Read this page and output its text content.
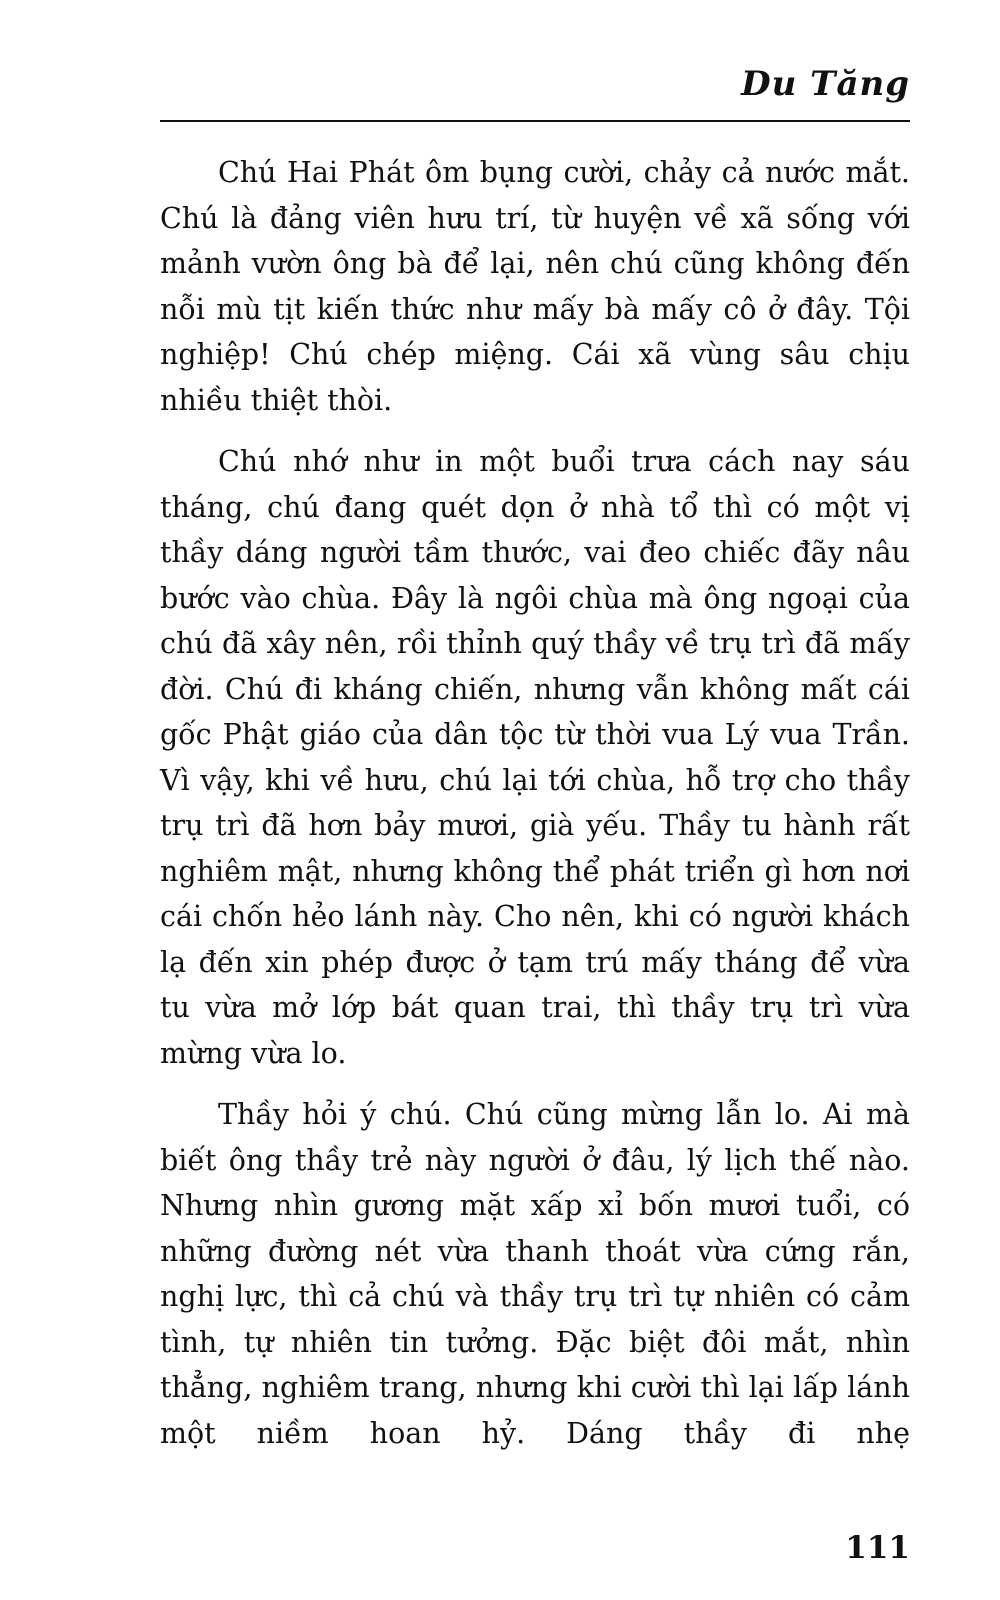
Du Tăng

Chú Hai Phát ôm bụng cười, chảy cả nước mắt. Chú là đảng viên hưu trí, từ huyện về xã sống với mảnh vườn ông bà để lại, nên chú cũng không đến nỗi mù tịt kiến thức như mấy bà mấy cô ở đây. Tội nghiệp! Chú chép miệng. Cái xã vùng sâu chịu nhiều thiệt thòi.

Chú nhớ như in một buổi trưa cách nay sáu tháng, chú đang quét dọn ở nhà tổ thì có một vị thầy dáng người tầm thước, vai đeo chiếc đãy nâu bước vào chùa. Đây là ngôi chùa mà ông ngoại của chú đã xây nên, rồi thỉnh quý thầy về trụ trì đã mấy đời. Chú đi kháng chiến, nhưng vẫn không mất cái gốc Phật giáo của dân tộc từ thời vua Lý vua Trần. Vì vậy, khi về hưu, chú lại tới chùa, hỗ trợ cho thầy trụ trì đã hơn bảy mươi, già yếu. Thầy tu hành rất nghiêm mật, nhưng không thể phát triển gì hơn nơi cái chốn hẻo lánh này. Cho nên, khi có người khách lạ đến xin phép được ở tạm trú mấy tháng để vừa tu vừa mở lớp bát quan trai, thì thầy trụ trì vừa mừng vừa lo.

Thầy hỏi ý chú. Chú cũng mừng lẫn lo. Ai mà biết ông thầy trẻ này người ở đâu, lý lịch thế nào. Nhưng nhìn gương mặt xấp xỉ bốn mươi tuổi, có những đường nét vừa thanh thoát vừa cứng rắn, nghị lực, thì cả chú và thầy trụ trì tự nhiên có cảm tình, tự nhiên tin tưởng. Đặc biệt đôi mắt, nhìn thẳng, nghiêm trang, nhưng khi cười thì lại lấp lánh một niềm hoan hỷ. Dáng thầy đi nhẹ

111
